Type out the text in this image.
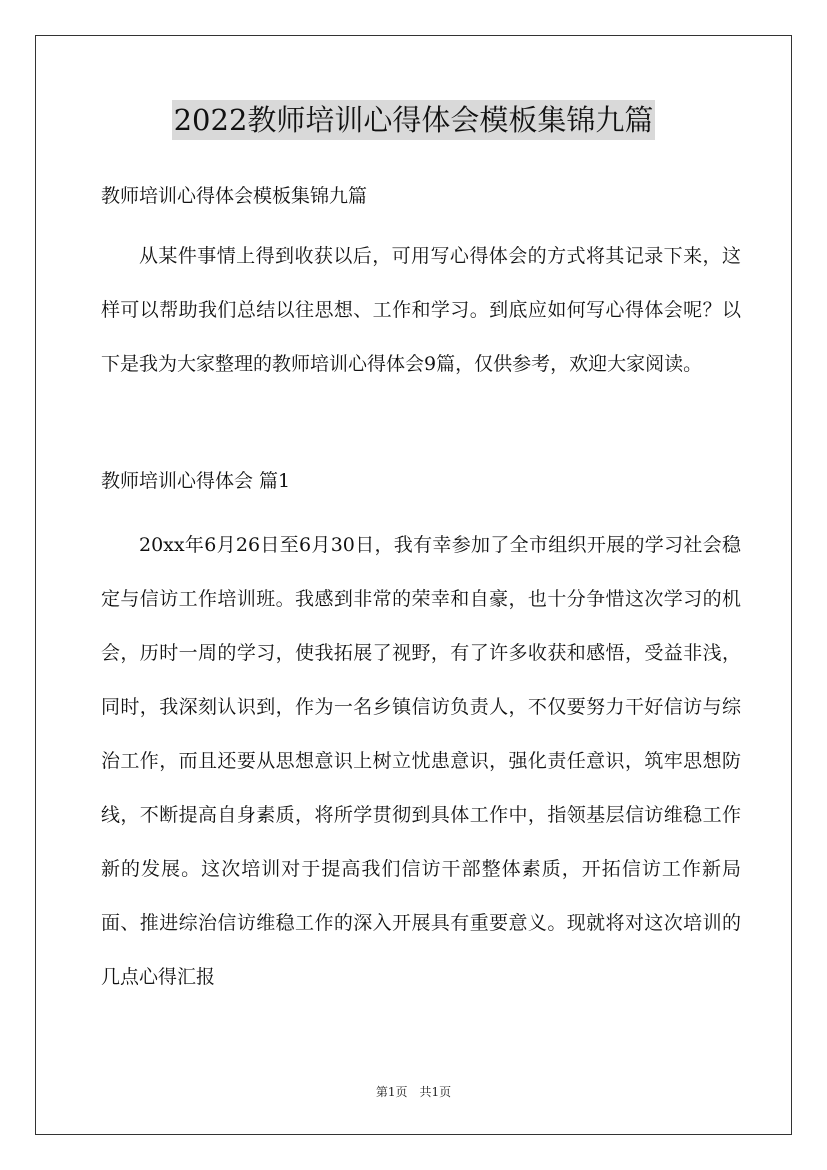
2022教师培训心得体会模板集锦九篇

教师培训心得体会模板集锦九篇

从某件事情上得到收获以后，可用写心得体会的方式将其记录下来，这样可以帮助我们总结以往思想、工作和学习。到底应如何写心得体会呢？以下是我为大家整理的教师培训心得体会9篇，仅供参考，欢迎大家阅读。

教师培训心得体会 篇1

20xx年6月26日至6月30日，我有幸参加了全市组织开展的学习社会稳定与信访工作培训班。我感到非常的荣幸和自豪，也十分争惜这次学习的机会，历时一周的学习，使我拓展了视野，有了许多收获和感悟，受益非浅，同时，我深刻认识到，作为一名乡镇信访负责人，不仅要努力干好信访与综治工作，而且还要从思想意识上树立忧患意识，强化责任意识，筑牢思想防线，不断提高自身素质，将所学贯彻到具体工作中，指领基层信访维稳工作新的发展。这次培训对于提高我们信访干部整体素质，开拓信访工作新局面、推进综治信访维稳工作的深入开展具有重要意义。现就将对这次培训的几点心得汇报

第1页　共1页
